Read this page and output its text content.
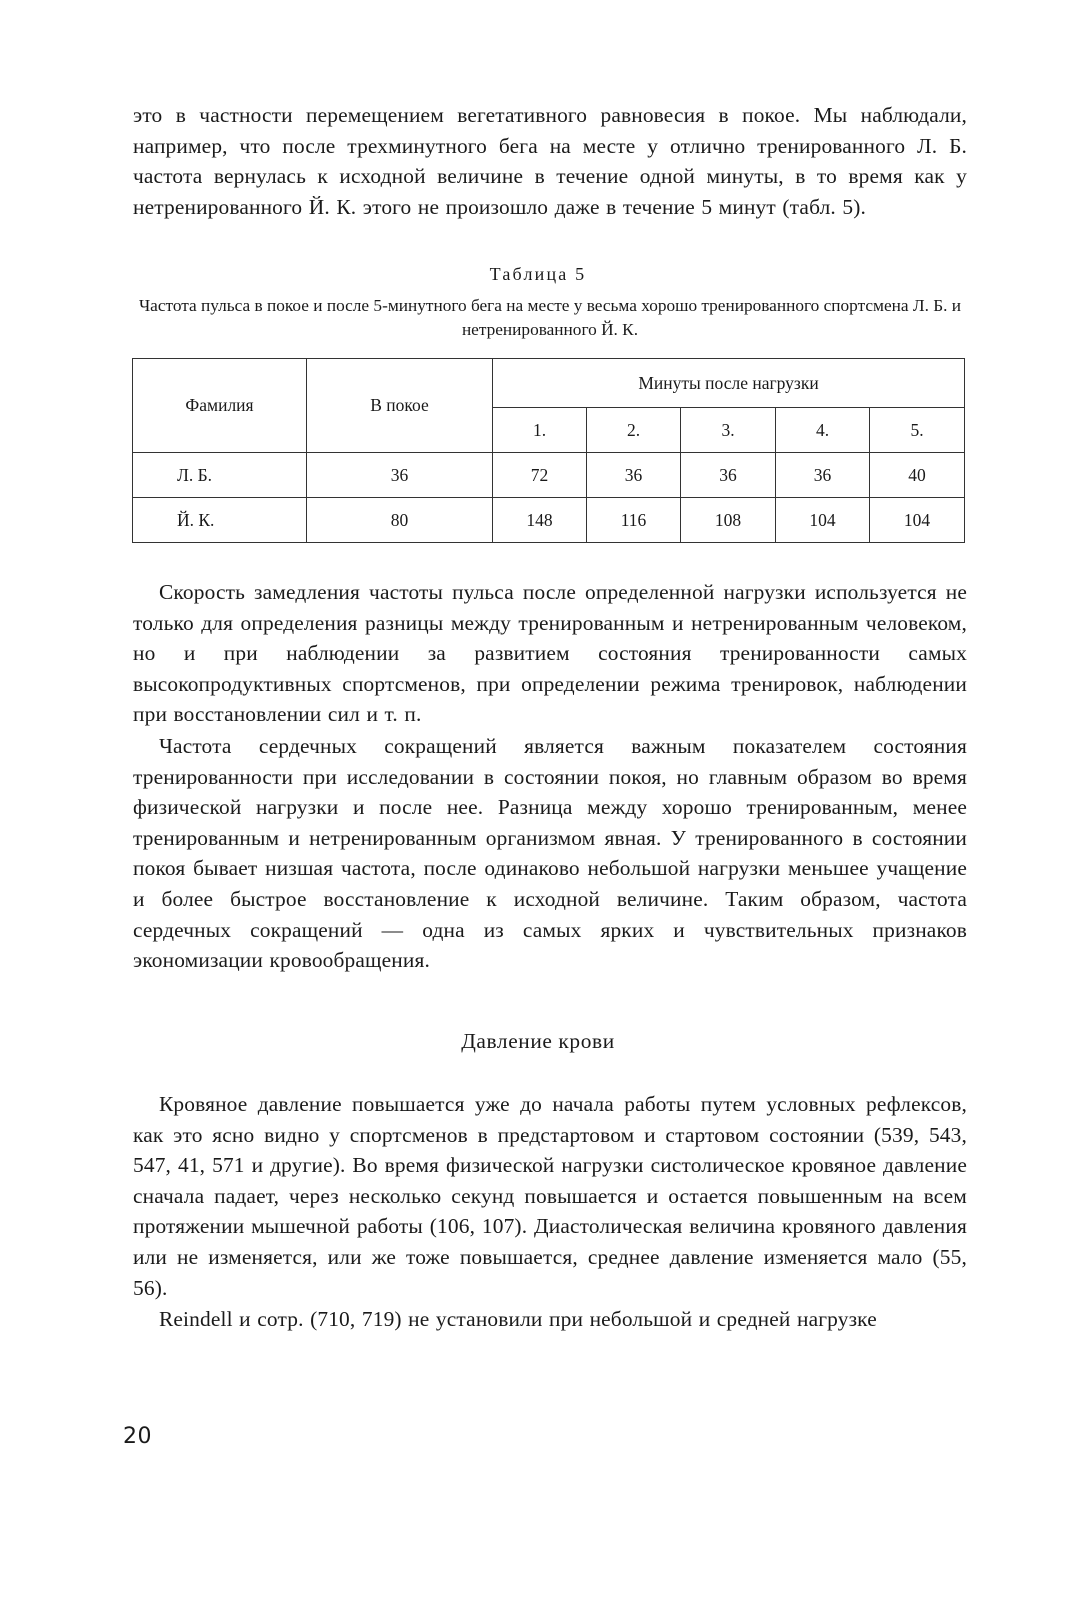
это в частности перемещением вегетативного равновесия в покое. Мы наблюдали, например, что после трехминутного бега на месте у отлично тренированного Л. Б. частота вернулась к исходной величине в течение одной минуты, в то время как у нетренированного Й. К. этого не произошло даже в течение 5 минут (табл. 5).

Таблица 5
Частота пульса в покое и после 5-минутного бега на месте у весьма хорошо тренированного спортсмена Л. Б. и нетренированного Й. К.
Фамилия	В покое	Минуты после нагрузки				
		1.	2.	3.	4.	5.
Л. Б.	36	72	36	36	36	40
Й. К.	80	148	116	108	104	104

Скорость замедления частоты пульса после определенной нагрузки используется не только для определения разницы между тренированным и нетренированным человеком, но и при наблюдении за развитием состояния тренированности самых высокопродуктивных спортсменов, при определении режима тренировок, наблюдении при восстановлении сил и т. п.

Частота сердечных сокращений является важным показателем состояния тренированности при исследовании в состоянии покоя, но главным образом во время физической нагрузки и после нее. Разница между хорошо тренированным, менее тренированным и нетренированным организмом явная. У тренированного в состоянии покоя бывает низшая частота, после одинаково небольшой нагрузки меньшее учащение и более быстрое восстановление к исходной величине. Таким образом, частота сердечных сокращений — одна из самых ярких и чувствительных признаков экономизации кровообращения.

Давление крови

Кровяное давление повышается уже до начала работы путем условных рефлексов, как это ясно видно у спортсменов в предстартовом и стартовом состоянии (539, 543, 547, 41, 571 и другие). Во время физической нагрузки систолическое кровяное давление сначала падает, через несколько секунд повышается и остается повышенным на всем протяжении мышечной работы (106, 107). Диастолическая величина кровяного давления или не изменяется, или же тоже повышается, среднее давление изменяется мало (55, 56).

Reindell и сотр. (710, 719) не установили при небольшой и средней нагрузке

20
